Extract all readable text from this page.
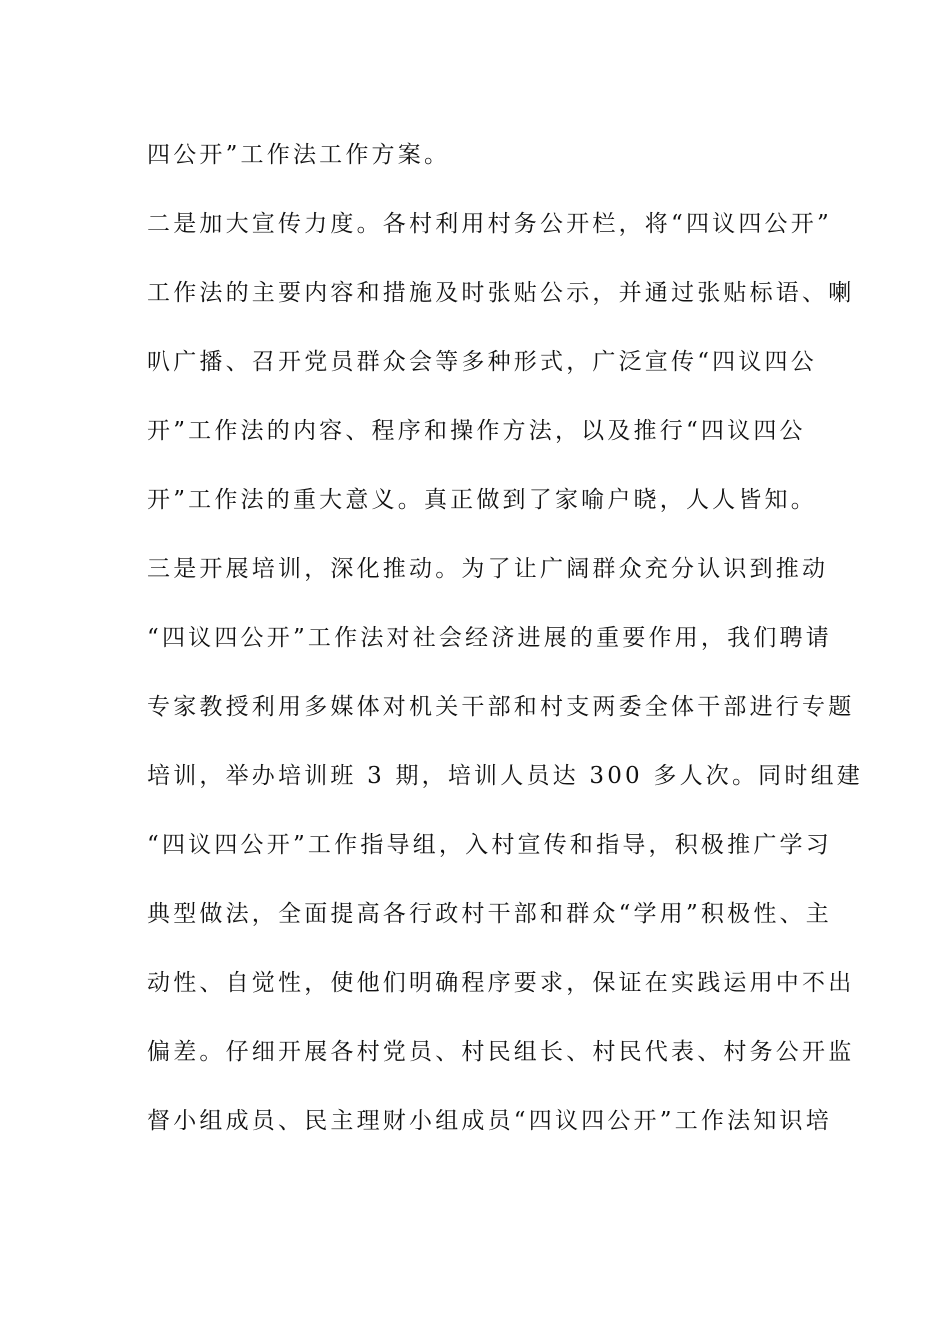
四公开”工作法工作方案。
二是加大宣传力度。各村利用村务公开栏，将“四议四公开”
工作法的主要内容和措施及时张贴公示，并通过张贴标语、喇
叭广播、召开党员群众会等多种形式，广泛宣传“四议四公
开”工作法的内容、程序和操作方法，以及推行“四议四公
开”工作法的重大意义。真正做到了家喻户晓，人人皆知。
三是开展培训，深化推动。为了让广阔群众充分认识到推动
“四议四公开”工作法对社会经济进展的重要作用，我们聘请
专家教授利用多媒体对机关干部和村支两委全体干部进行专题
培训，举办培训班 3 期，培训人员达 300 多人次。同时组建
“四议四公开”工作指导组，入村宣传和指导，积极推广学习
典型做法，全面提高各行政村干部和群众“学用”积极性、主
动性、自觉性，使他们明确程序要求，保证在实践运用中不出
偏差。仔细开展各村党员、村民组长、村民代表、村务公开监
督小组成员、民主理财小组成员“四议四公开”工作法知识培
